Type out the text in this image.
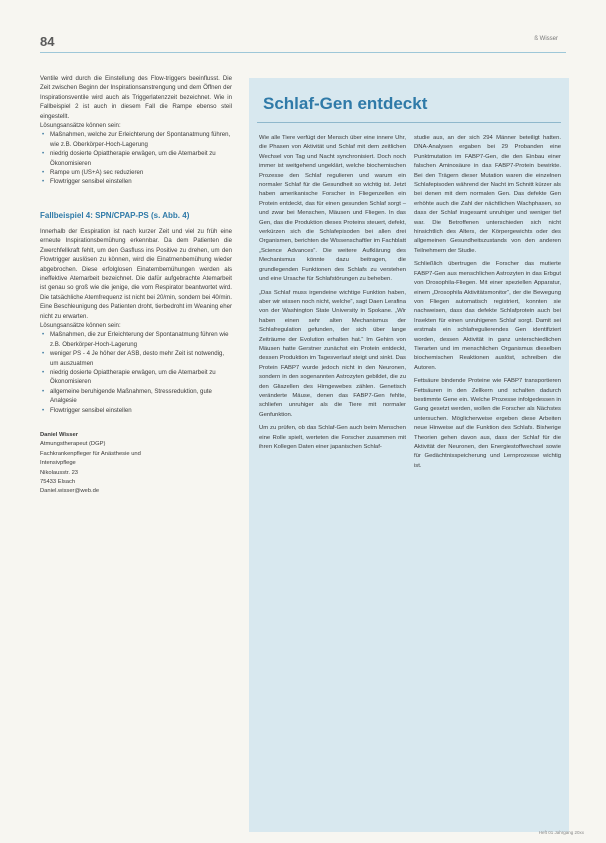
84	ß Wisser

Ventile wird durch die Einstellung des Flow-triggers beeinflusst. Die Zeit zwischen Beginn der Inspirationsanstrengung und dem Öffnen der Inspirationsventile wird auch als Triggerlatenzzeit bezeichnet. Wie in Fallbeispiel 2 ist auch in diesem Fall die Rampe ebenso steil eingestellt.

Lösungsansätze können sein:

• Maßnahmen, welche zur Erleichterung der Spontanatmung führen, wie z.B. Oberkörper-Hoch-Lagerung
• niedrig dosierte Opiattherapie erwägen, um die Atemarbeit zu Ökonomisieren
• Rampe um (US+A) sec reduzieren
• Flowtrigger sensibel einstellen

Fallbeispiel 4: SPN/CPAP-PS (s. Abb. 4)

Innerhalb der Exspiration ist nach kurzer Zeit und viel zu früh eine erneute Inspirationsbemühung erkennbar. Da dem Patienten die Zwerchfellkraft fehlt, um den Gasfluss ins Positive zu drehen, um den Flowtrigger auslösen zu können, wird die Einatmenbemühung wieder abgebrochen. Diese erfolglosen Einatembemühungen werden als ineffektive Atemarbeit bezeichnet. Die dafür aufgebrachte Atemarbeit ist genau so groß wie die jenige, die vom Respirator beantwortet wird. Die tatsächliche Atemfrequenz ist nicht bei 20/min, sondern bei 40/min. Eine Beschleunigung des Patienten droht, tierbedroht im Weaning eher nicht zu erwarten.

Lösungsansätze können sein:

• Maßnahmen, die zur Erleichterung der Spontanatmung führen wie z.B. Oberkörper-Hoch-Lagerung
• weniger PS - 4 Je höher der ASB, desto mehr Zeit ist notwendig, um auszuatmen
• niedrig dosierte Opiattherapie erwägen, um die Atemarbeit zu Ökonomisieren
• allgemeine beruhigende Maßnahmen, Stressreduktion, gute Analgesie
• Flowtrigger sensibel einstellen
Daniel Wisser
Atmungstherapeut (DGP)
Fachkrankenpfleger für Anästhesie und
Intensivpflege
Nikolausstr. 23
75433 Elsach
Daniel.wisser@web.de
Schlaf-Gen entdeckt

Wie alle Tiere verfügt der Mensch über eine innere Uhr, die Phasen von Aktivität und Schlaf mit dem zeitlichen Wechsel von Tag und Nacht synchronisiert. Doch noch immer ist weitgehend ungeklärt, welche biochemischen Prozesse den Schlaf regulieren und warum ein normaler Schlaf für die Gesundheit so wichtig ist. Jetzt haben amerikanische Forscher in Fliegenzellen ein Protein entdeckt, das für einen gesunden Schlaf sorgt – und zwar bei Menschen, Mäusen und Fliegen. In das Gen, das die Produktion dieses Proteins steuert, defekt, verkürzen sich die Schlafepisoden bei allen drei Organismen, berichten die Wissenschaftler im Fachblatt „Science Advances“. Die weitere Aufklärung des Mechanismus könnte dazu beitragen, die grundlegenden Funktionen des Schlafs zu verstehen und eine Ursache für Schlafstörungen zu beheben.

„Das Schlaf muss irgendeine wichtige Funktion haben, aber wir wissen noch nicht, welche“, sagt Daen Lerafina von der Washington State University in Spokane. „Wir haben einen sehr alten Mechanismus der Schlafregulation gefunden, der sich über lange Zeiträume der Evolution erhalten hat.“ Im Gehirn von Mäusen hatte Gerstner zunächst ein Protein entdeckt, dessen Produktion im Tagesverlauf steigt und sinkt. Das Protein FABP7 wurde jedoch nicht in den Neuronen, sondern in den sogenannten Astrozyten gebildet, die zu den Gliazellen des Hirngewebes zählen. Genetisch veränderte Mäuse, denen das FABP7-Gen fehlte, schliefen unruhiger als die Tiere mit normaler Genfunktion.

Um zu prüfen, ob das Schlaf-Gen auch beim Menschen eine Rolle spielt, werteten die Forscher zusammen mit ihren Kollegen Daten einer japanischen Schlaf-

studie aus, an der sich 294 Männer beteiligt hatten. DNA-Analysen ergaben bei 29 Probanden eine Punktmutation im FABP7-Gen, die den Einbau einer falschen Aminosäure in das FABP7-Protein bewirkte. Bei den Trägern dieser Mutation waren die einzelnen Schlafepisoden während der Nacht im Schnitt kürzer als bei denen mit dem normalen Gen. Das defekte Gen erhöhte auch die Zahl der nächtlichen Wachphasen, so dass der Schlaf insgesamt unruhiger und weniger tief war. Die Betroffenen unterschieden sich nicht hinsichtlich des Alters, der Körpergewichts oder des allgemeinen Gesundheitszustands von den anderen Teilnehmern der Studie.

Schließlich übertrugen die Forscher das mutierte FABP7-Gen aus menschlichen Astrozyten in das Erbgut von Drosophila-Fliegen. Mit einer speziellen Apparatur, einem „Drosophila Aktivitätsmonitor“, der die Bewegung von Fliegen automatisch registriert, konnten sie nachweisen, dass das defekte Schlafprotein auch bei Insekten für einen unruhigeren Schlaf sorgt. Damit sei erstmals ein schlafregulierendes Gen identifiziert worden, dessen Aktivität in ganz unterschiedlichen Tierarten und im menschlichen Organismus dieselben biochemischen Reaktionen auslöst, schreiben die Autoren.

Fettsäure bindende Proteine wie FABP7 transportieren Fettsäuren in den Zellkern und schalten dadurch bestimmte Gene ein. Welche Prozesse infolgedessen in Gang gesetzt werden, wollen die Forscher als Nächstes untersuchen. Möglicherweise ergeben diese Arbeiten neue Hinweise auf die Funktion des Schlafs. Bisherige Theorien gehen davon aus, dass der Schlaf für die Aktivität der Neuronen, den Energiestoffwechsel sowie für Gedächtnisspeicherung und Lernprozesse wichtig ist.

Heft 01 Jahrgang 20xx
